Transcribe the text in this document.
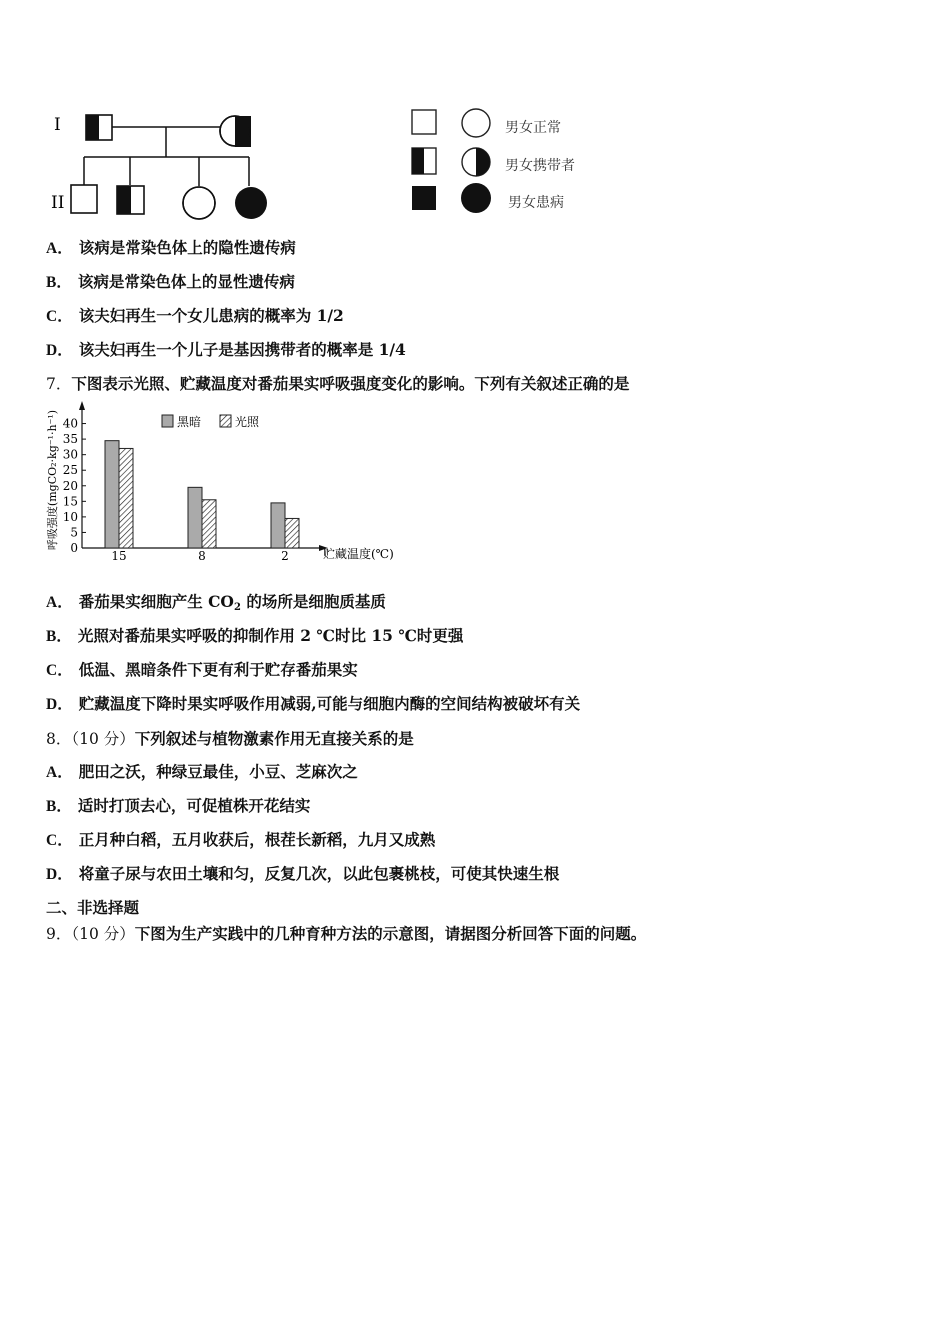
I
II
男女正常
男女携带者
男女患病
A． 该病是常染色体上的隐性遗传病
B． 该病是常染色体上的显性遗传病
C． 该夫妇再生一个女儿患病的概率为 1/2
D． 该夫妇再生一个儿子是基因携带者的概率是 1/4
7．下图表示光照、贮藏温度对番茄果实呼吸强度变化的影响。下列有关叙述正确的是
呼吸强度(mgCO₂·kg⁻¹·h⁻¹)
贮藏温度(℃)
0
5
10
15
20
25
30
35
40
15	8	2
黑暗	光照
A． 番茄果实细胞产生 $CO_2$ 的场所是细胞质基质
B． 光照对番茄果实呼吸的抑制作用 2 ℃时比 15 ℃时更强
C． 低温、黑暗条件下更有利于贮存番茄果实
D． 贮藏温度下降时果实呼吸作用减弱,可能与细胞内酶的空间结构被破坏有关
8．（10 分）下列叙述与植物激素作用无直接关系的是
A． 肥田之沃，种绿豆最佳，小豆、芝麻次之
B． 适时打顶去心，可促植株开花结实
C． 正月种白稻，五月收获后，根茬长新稻，九月又成熟
D． 将童子尿与农田土壤和匀，反复几次，以此包裹桃枝，可使其快速生根
二、非选择题
9．（10 分）下图为生产实践中的几种育种方法的示意图，请据图分析回答下面的问题。
